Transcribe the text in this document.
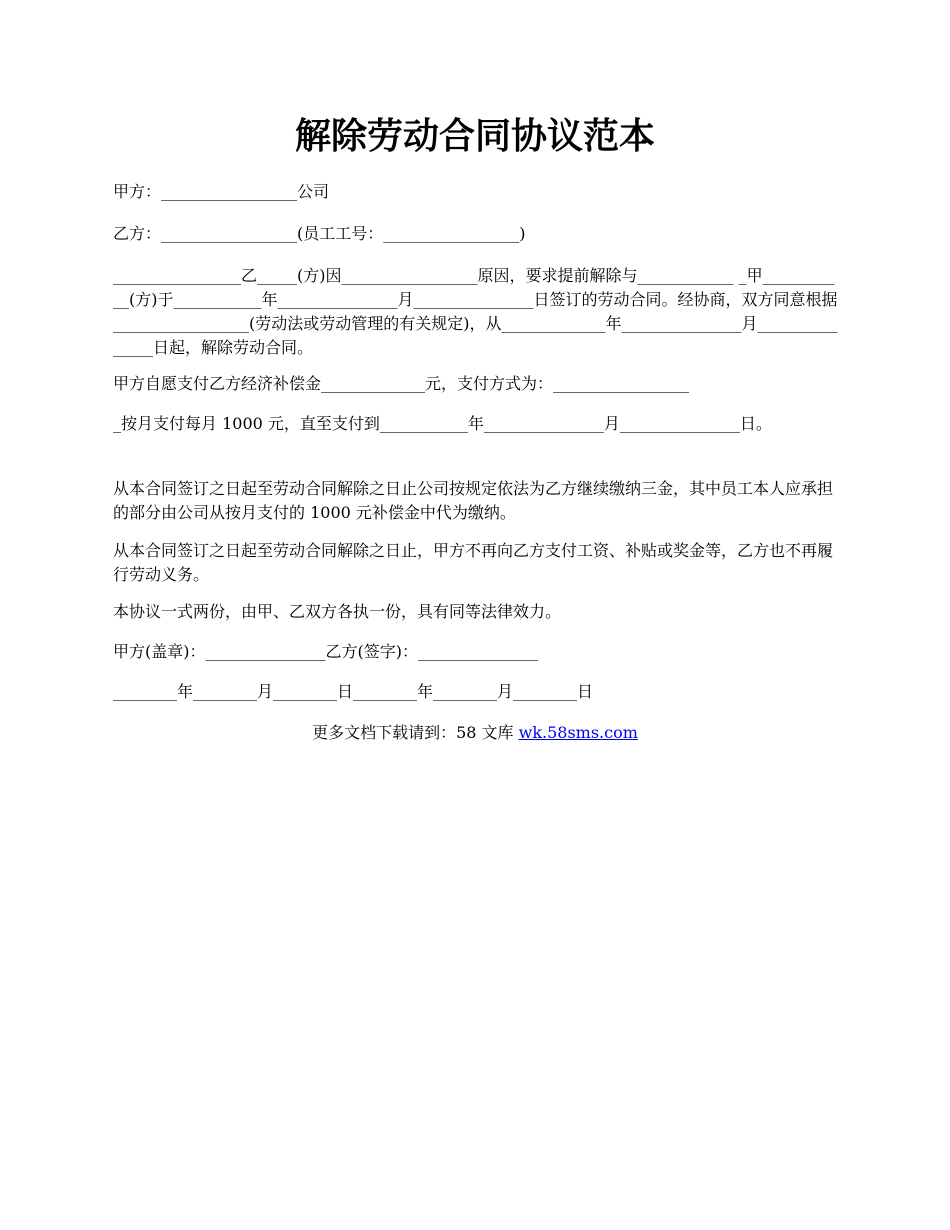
解除劳动合同协议范本

甲方：_________________公司

乙方：_________________(员工工号：_________________)

________________乙_____(方)因_________________原因，要求提前解除与____________ _甲___________(方)于___________年_______________月_______________日签订的劳动合同。经协商，双方同意根据_________________(劳动法或劳动管理的有关规定)，从_____________年_______________月_______________日起，解除劳动合同。

甲方自愿支付乙方经济补偿金_____________元，支付方式为：_________________

_按月支付每月 1000 元，直至支付到___________年_______________月_______________日。

从本合同签订之日起至劳动合同解除之日止公司按规定依法为乙方继续缴纳三金，其中员工本人应承担的部分由公司从按月支付的 1000 元补偿金中代为缴纳。

从本合同签订之日起至劳动合同解除之日止，甲方不再向乙方支付工资、补贴或奖金等，乙方也不再履行劳动义务。

本协议一式两份，由甲、乙双方各执一份，具有同等法律效力。

甲方(盖章)：_______________乙方(签字)：_______________

________年________月________日________年________月________日

更多文档下载请到：58 文库 wk.58sms.com
